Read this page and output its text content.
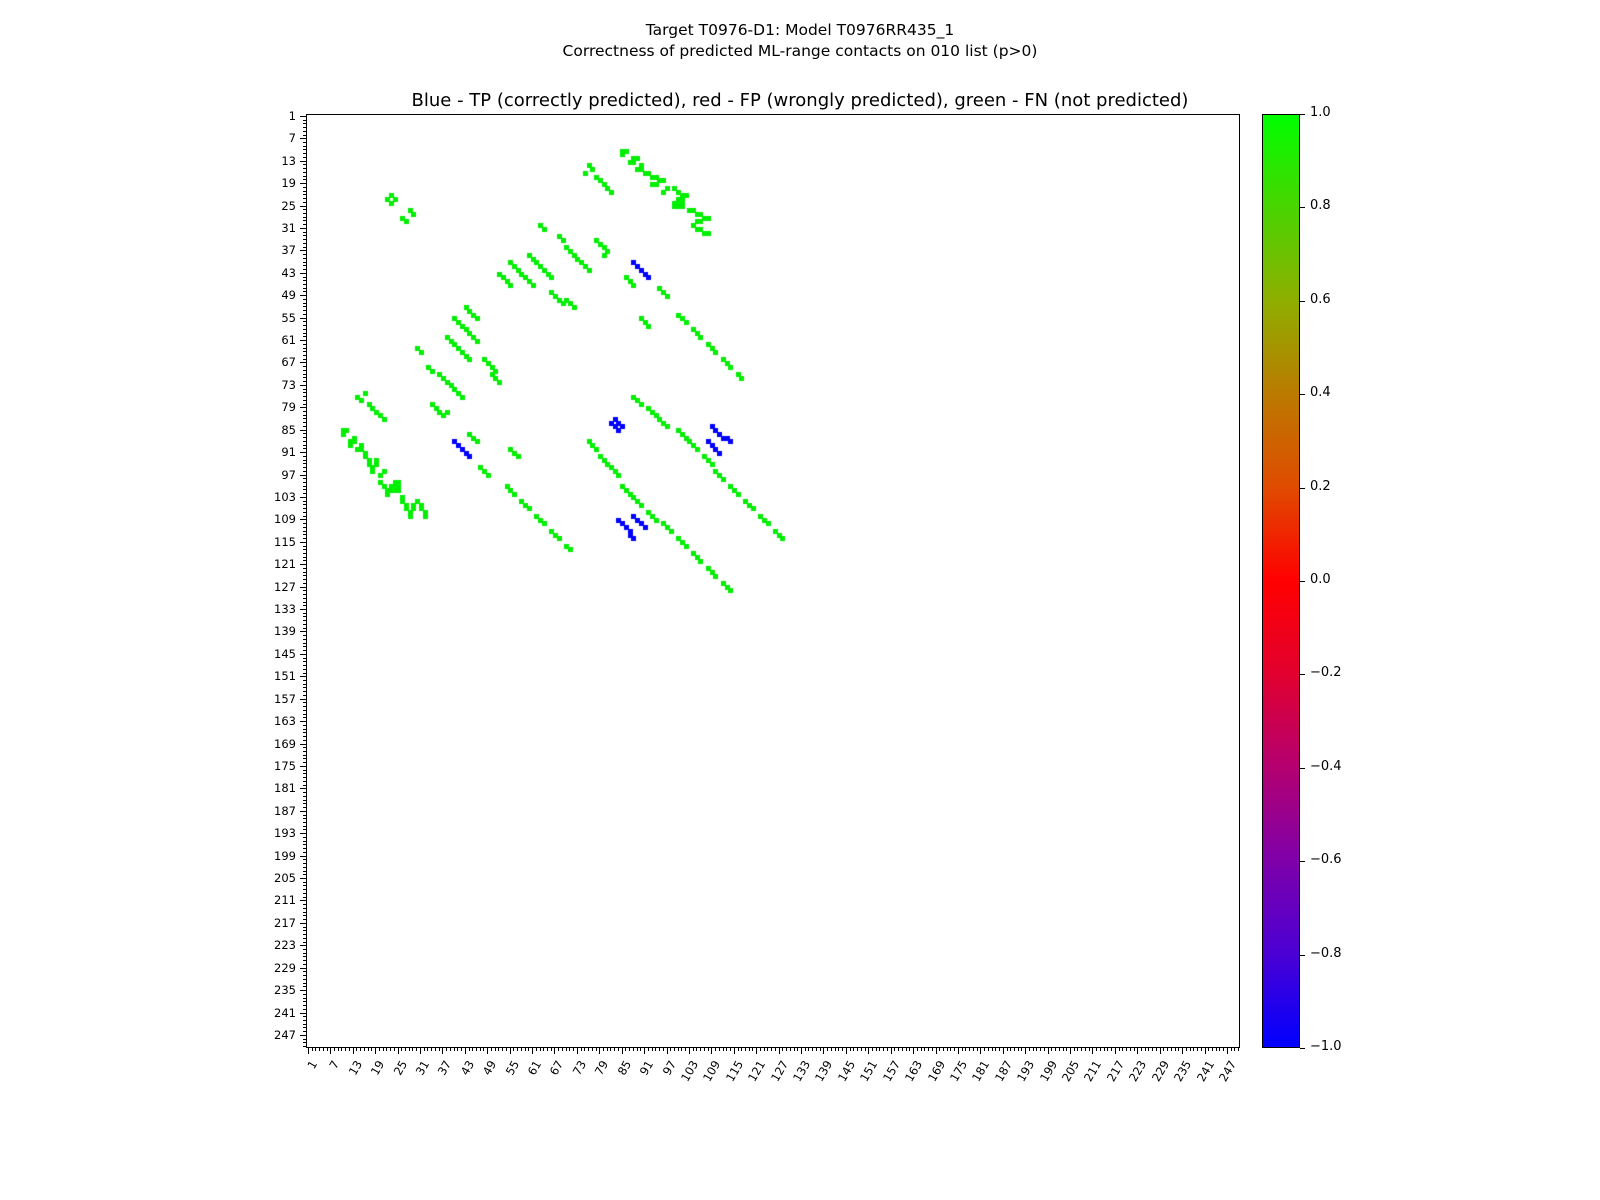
Target T0976-D1: Model T0976RR435_1
Correctness of predicted ML-range contacts on 010 list (p>0)
Blue - TP (correctly predicted), red - FP (wrongly predicted), green - FN (not predicted)
1
1
7
7
13
13
19
19
25
25
31
31
37
37
43
43
49
49
55
55
61
61
67
67
73
73
79
79
85
85
91
91
97
97
103
103
109
109
115
115
121
121
127
127
133
133
139
139
145
145
151
151
157
157
163
163
169
169
175
175
181
181
187
187
193
193
199
199
205
205
211
211
217
217
223
223
229
229
235
235
241
241
247
247
1.0
0.8
0.6
0.4
0.2
0.0
−0.2
−0.4
−0.6
−0.8
−1.0
